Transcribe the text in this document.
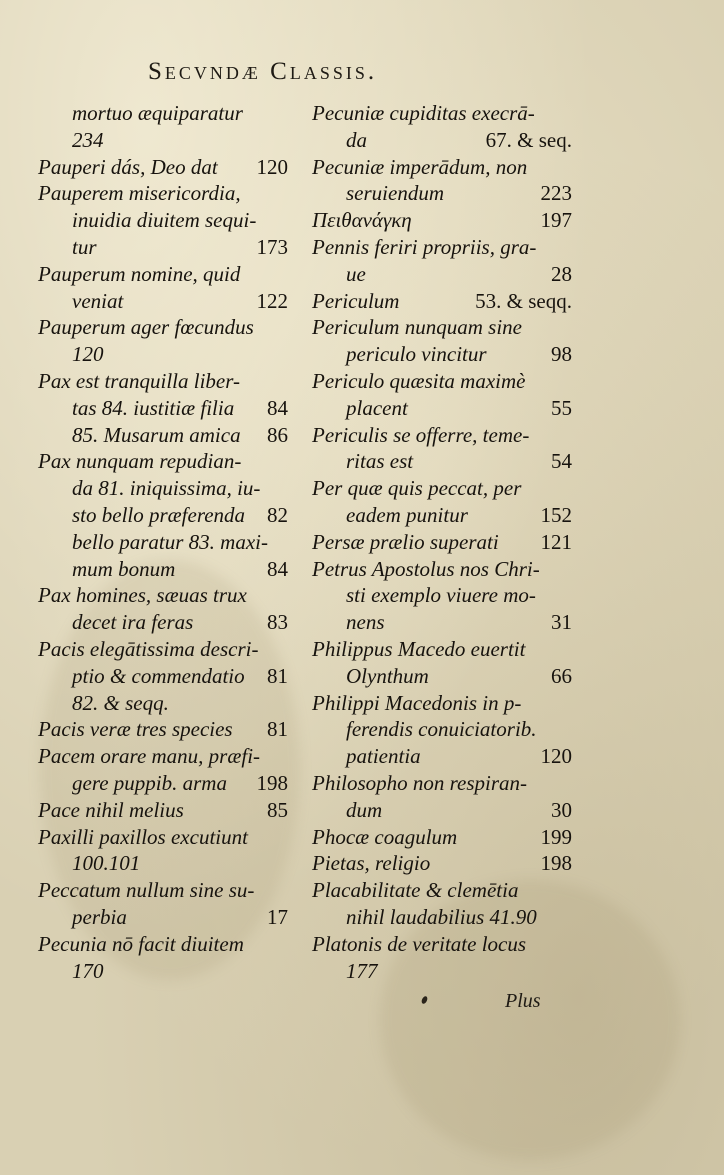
Secvndæ Classis.
mortuo æquiparatur
234
Pauperi dás, Deo dat 120
Pauperem misericordia,
inuidia diuitem sequi-
tur	173
Pauperum nomine, quid
veniat	122
Pauperum ager fœcundus
120
Pax est tranquilla liber-
tas 84. iustitiæ filia 84
85. Musarum amica 86
Pax nunquam repudian-
da 81. iniquissima, iu-
sto bello præferenda 82
bello paratur 83. maxi-
mum bonum	84
Pax homines, sæuas trux
decet ira feras	83
Pacis elegātissima descri-
ptio & commendatio 81
82. & seqq.
Pacis veræ tres species 81
Pacem orare manu, præfi-
gere puppib. arma 198
Pace nihil melius	85
Paxilli paxillos excutiunt
100.101
Peccatum nullum sine su-
perbia	17
Pecunia nō facit diuitem
170
Pecuniæ cupiditas execrā-
da	67. & seq.
Pecuniæ imperādum, non
seruiendum	223
Πειθανάγκη	197
Pennis feriri propriis, gra-
ue	28
Periculum	53. & seqq.
Periculum nunquam sine
periculo vincitur	98
Periculo quæsita maximè
placent	55
Periculis se offerre, teme-
ritas est	54
Per quæ quis peccat, per
eadem punitur	152
Persæ prælio superati 121
Petrus Apostolus nos Chri-
sti exemplo viuere mo-
nens	31
Philippus Macedo euertit
Olynthum	66
Philippi Macedonis in p-
ferendis conuiciatorib.
patientia	120
Philosopho non respiran-
dum	30
Phocæ coagulum	199
Pietas, religio	198
Placabilitate & clemētia
nihil laudabilius 41.90
Platonis de veritate locus
177
Plus
